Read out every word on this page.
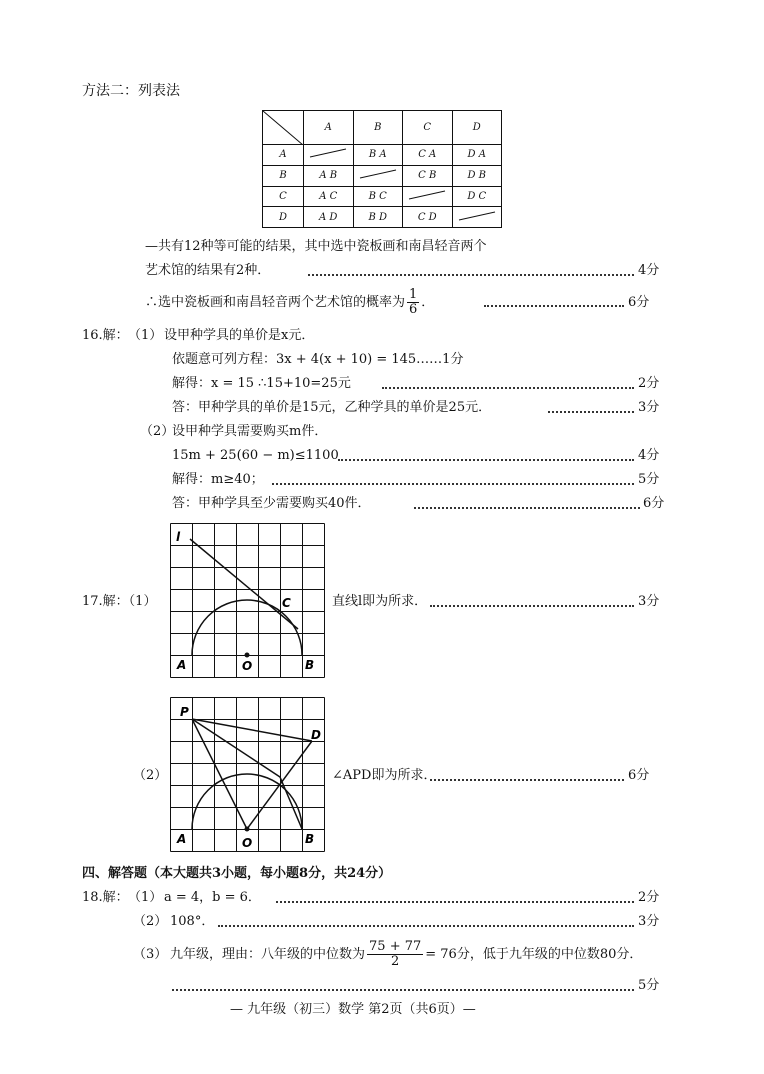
方法二：列表法
	A	B	C	D
A		B A	C A	D A
B	A B		C B	D B
C	A C	B C		D C
D	A D	B D	C D	
—共有12种等可能的结果，其中选中瓷板画和南昌轻音两个
艺术馆的结果有2种．	4分
∴选中瓷板画和南昌轻音两个艺术馆的概率为 $\frac{1}{6}$ ．	6分
16.解： （1） 设甲种学具的单价是x元．
依题意可列方程：3x + 4(x + 10) = 145……1分
解得：x = 15 ∴15+10=25元	2分
答：甲种学具的单价是15元，乙种学具的单价是25元．	3分
（2）
设甲种学具需要购买m件．
15m + 25(60 − m)≤1100	4分
解得：m≥40；	5分
答：甲种学具至少需要购买40件．	6分
l
C
A	O	B
17.解：（1）	直线l即为所求．	3分
P
D
A	O	B
（2）	∠APD即为所求．	6分
四、解答题（本大题共3小题，每小题8分，共24分）
18.解： （1） a = 4，b = 6．	2分
（2） 108°．	3分
（3） 九年级，理由：八年级的中位数为 $\frac{75 + 77}{2} = 76$分，低于九年级的中位数80分．
5分
— 九年级（初三）数学 第2页（共6页）—
